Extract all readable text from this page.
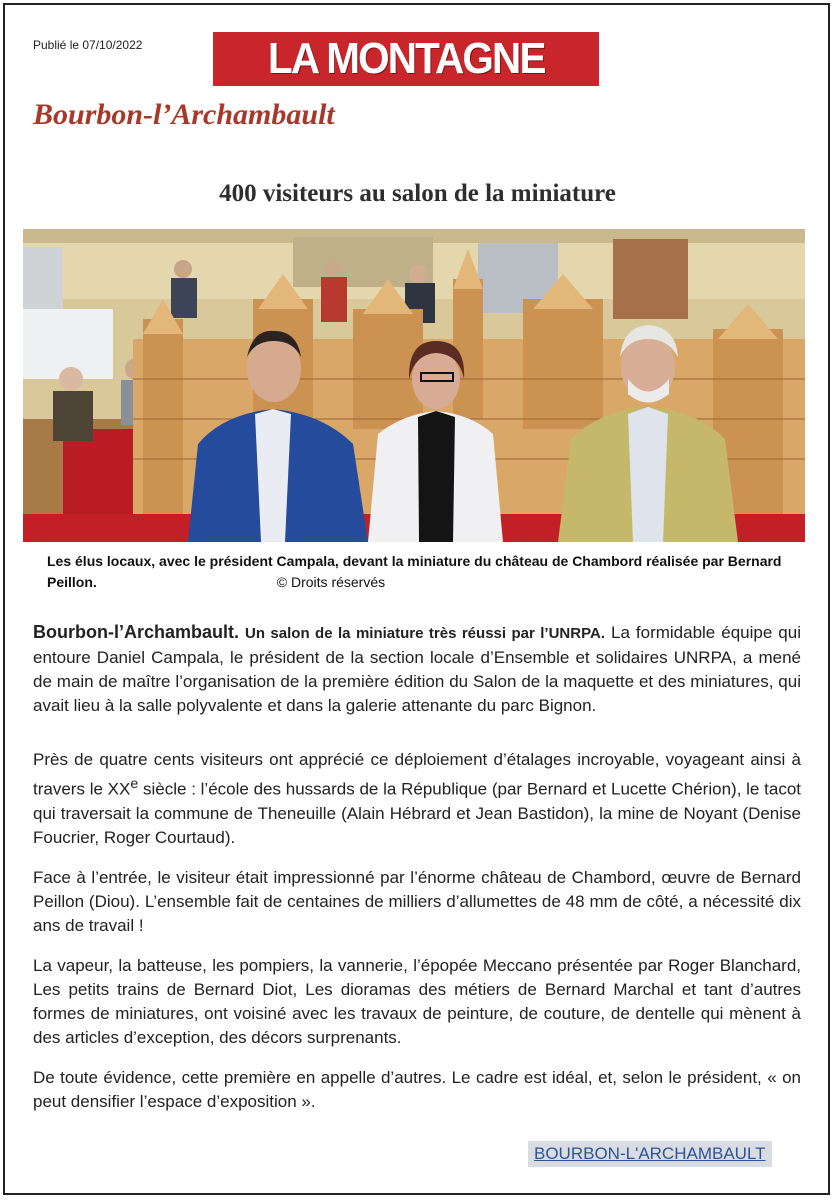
Publié le 07/10/2022	LA MONTAGNE
Bourbon-l’Archambault
400 visiteurs au salon de la miniature
Les élus locaux, avec le président Campala, devant la miniature du château de Chambord réalisée par Bernard Peillon.	© Droits réservés

Bourbon-l’Archambault. Un salon de la miniature très réussi par l’UNRPA. La formidable équipe qui entoure Daniel Campala, le président de la section locale d’Ensemble et solidaires UNRPA, a mené de main de maître l’organisation de la première édition du Salon de la maquette et des miniatures, qui avait lieu à la salle polyvalente et dans la galerie attenante du parc Bignon.

Près de quatre cents visiteurs ont apprécié ce déploiement d’étalages incroyable, voyageant ainsi à travers le XXe siècle : l’école des hussards de la République (par Bernard et Lucette Chérion), le tacot qui traversait la commune de Theneuille (Alain Hébrard et Jean Bastidon), la mine de Noyant (Denise Foucrier, Roger Courtaud).

Face à l’entrée, le visiteur était impressionné par l’énorme château de Chambord, œuvre de Bernard Peillon (Diou). L’ensemble fait de centaines de milliers d’allumettes de 48 mm de côté, a nécessité dix ans de travail !

La vapeur, la batteuse, les pompiers, la vannerie, l’épopée Meccano présentée par Roger Blanchard, Les petits trains de Bernard Diot, Les dioramas des métiers de Bernard Marchal et tant d’autres formes de miniatures, ont voisiné avec les travaux de peinture, de couture, de dentelle qui mènent à des articles d’exception, des décors surprenants.

De toute évidence, cette première en appelle d’autres. Le cadre est idéal, et, selon le président, « on peut densifier l’espace d’exposition ».

BOURBON-L'ARCHAMBAULT
